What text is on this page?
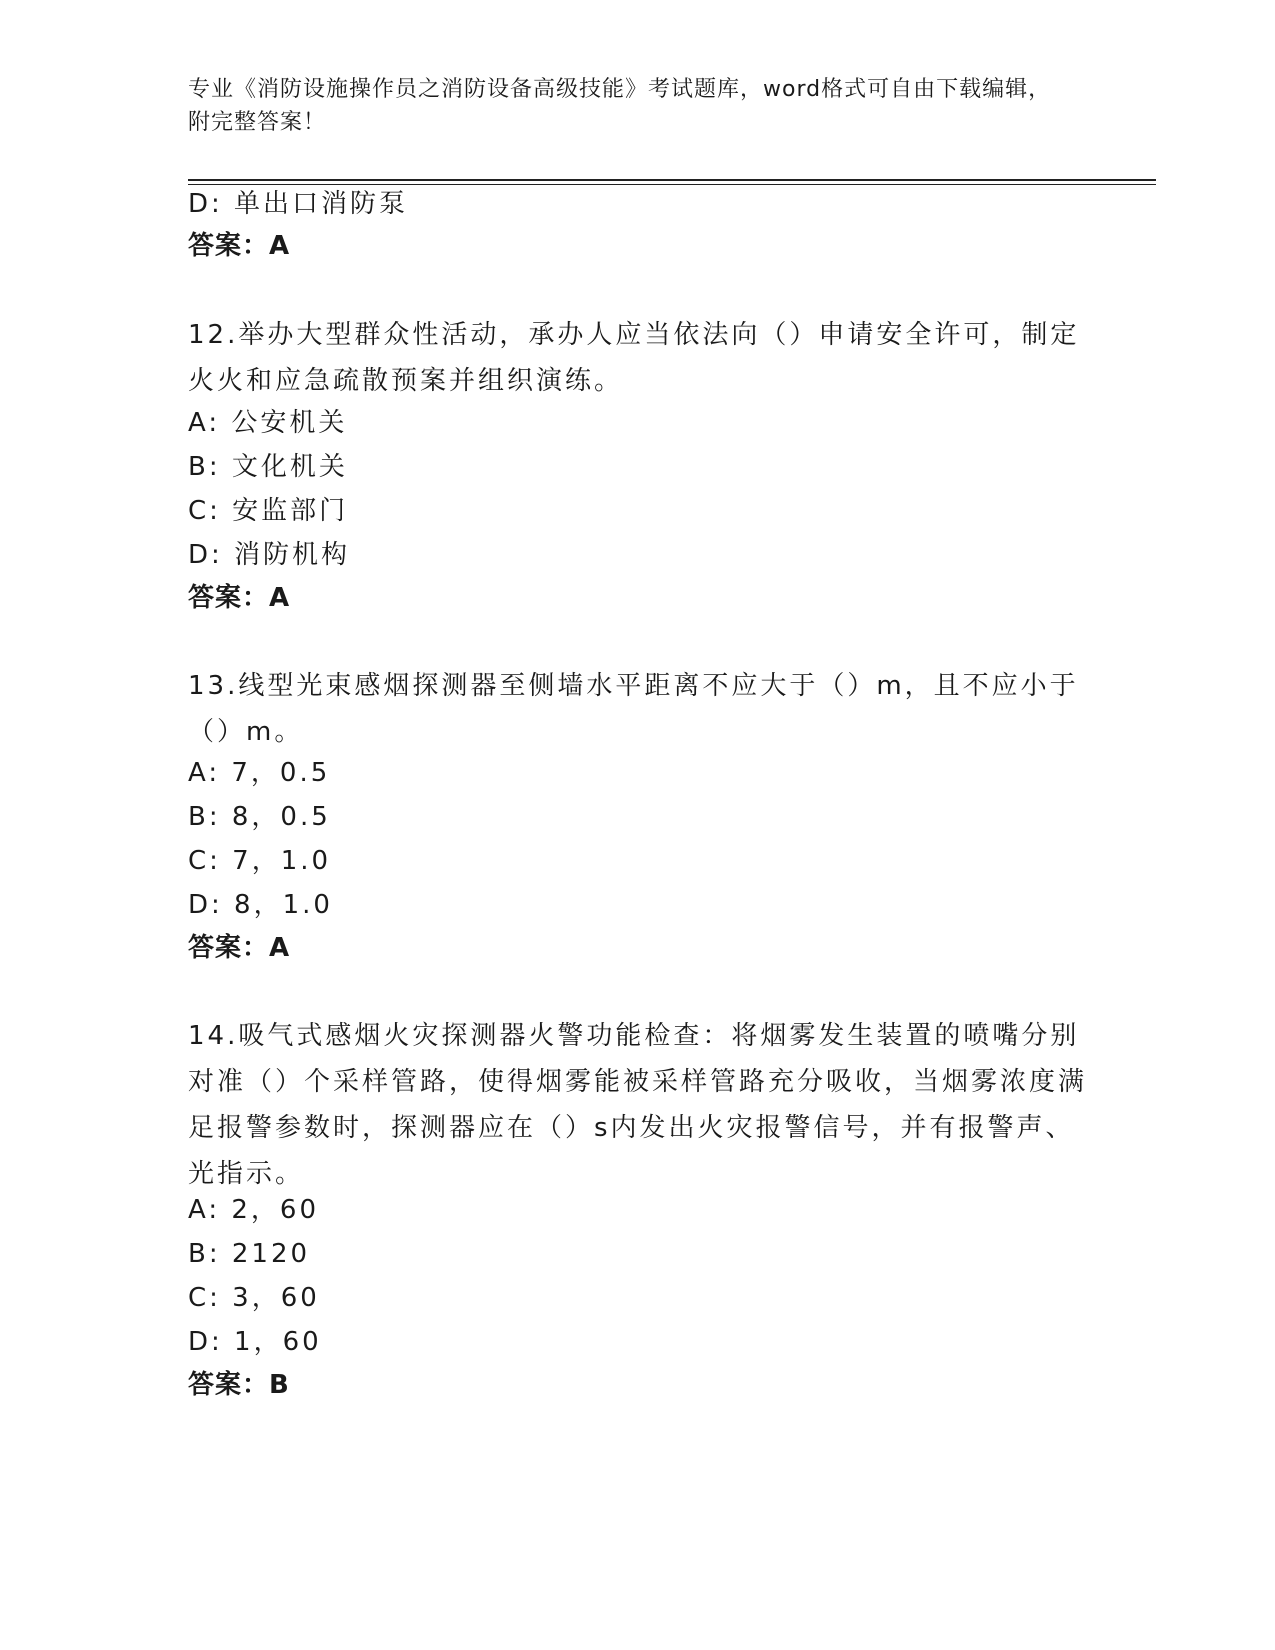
专业《消防设施操作员之消防设备高级技能》考试题库，word格式可自由下载编辑，附完整答案！
D: 单出口消防泵
答案：A
12.举办大型群众性活动，承办人应当依法向（）申请安全许可，制定火火和应急疏散预案并组织演练。
A: 公安机关
B: 文化机关
C: 安监部门
D: 消防机构
答案：A
13.线型光束感烟探测器至侧墙水平距离不应大于（）m，且不应小于（）m。
A: 7，0.5
B: 8，0.5
C: 7，1.0
D: 8，1.0
答案：A
14.吸气式感烟火灾探测器火警功能检查：将烟雾发生装置的喷嘴分别对准（）个采样管路，使得烟雾能被采样管路充分吸收，当烟雾浓度满足报警参数时，探测器应在（）s内发出火灾报警信号，并有报警声、光指示。
A: 2，60
B: 2120
C: 3，60
D: 1，60
答案：B
